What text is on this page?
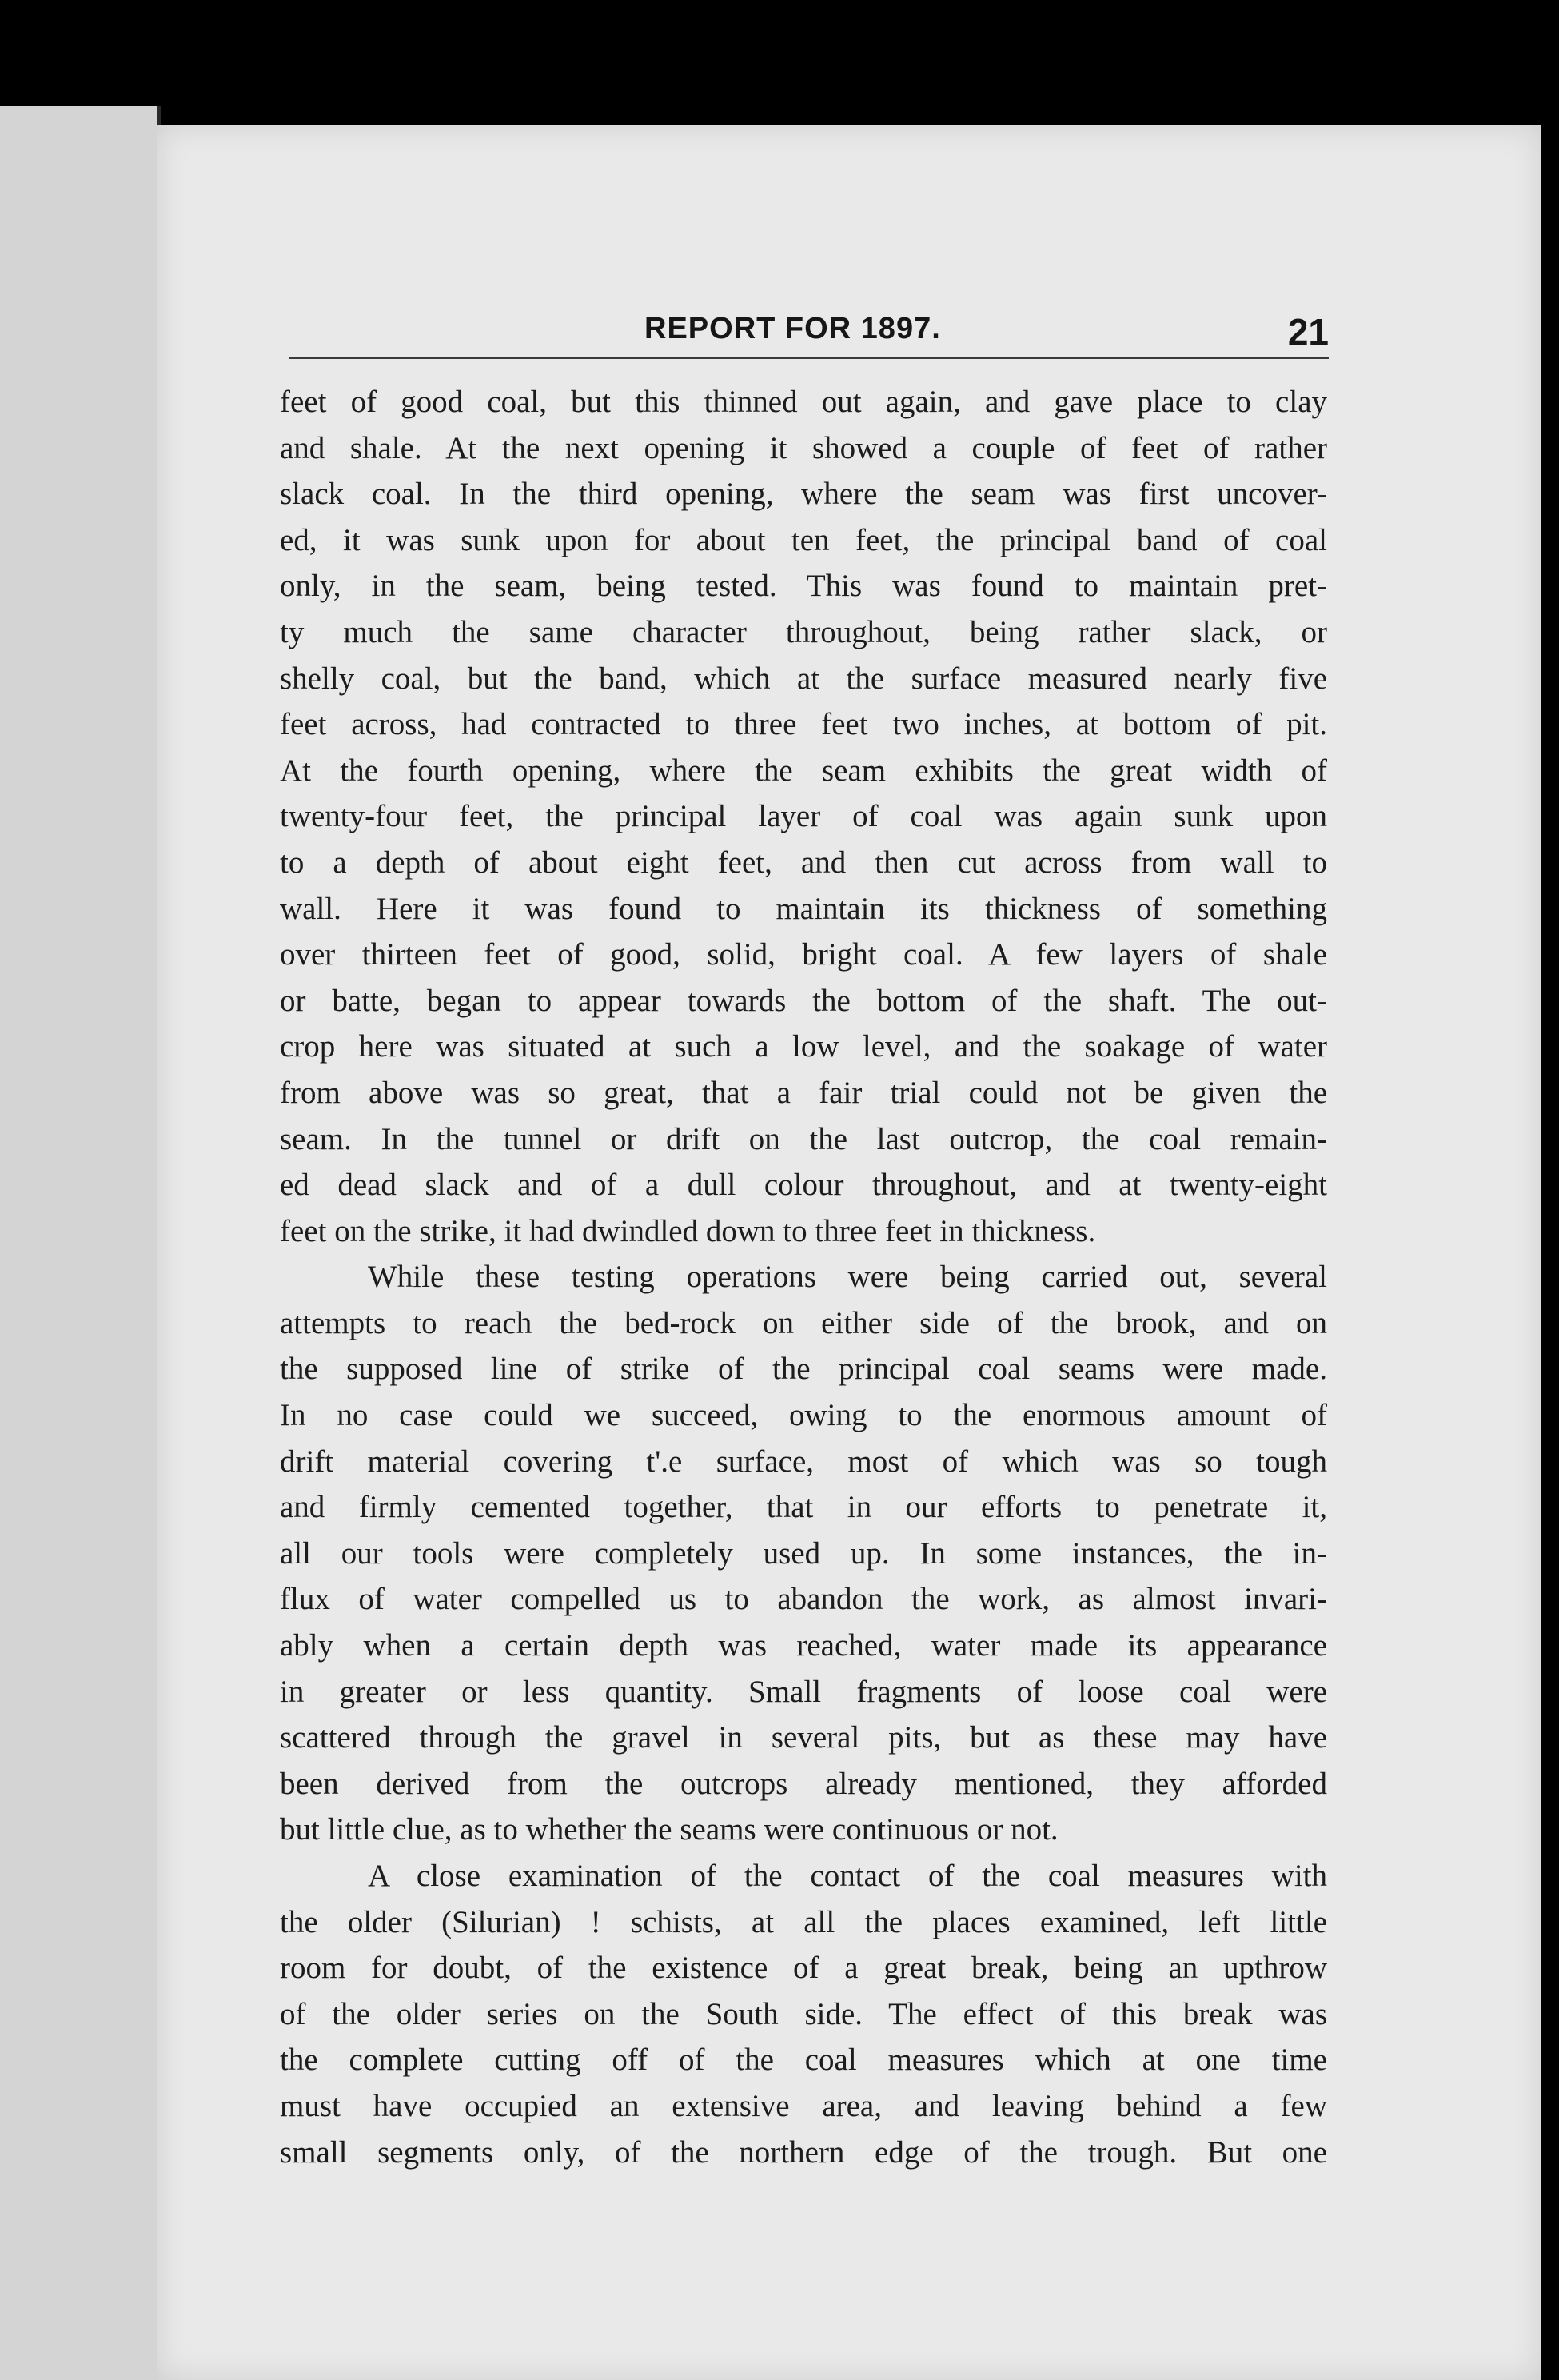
REPORT FOR 1897.	21

feet of good coal, but this thinned out again, and gave place to clay
and shale. At the next opening it showed a couple of feet of rather
slack coal. In the third opening, where the seam was first uncover-
ed, it was sunk upon for about ten feet, the principal band of coal
only, in the seam, being tested. This was found to maintain pret-
ty much the same character throughout, being rather slack, or
shelly coal, but the band, which at the surface measured nearly five
feet across, had contracted to three feet two inches, at bottom of pit.
At the fourth opening, where the seam exhibits the great width of
twenty-four feet, the principal layer of coal was again sunk upon
to a depth of about eight feet, and then cut across from wall to
wall. Here it was found to maintain its thickness of something
over thirteen feet of good, solid, bright coal. A few layers of shale
or batte, began to appear towards the bottom of the shaft. The out-
crop here was situated at such a low level, and the soakage of water
from above was so great, that a fair trial could not be given the
seam. In the tunnel or drift on the last outcrop, the coal remain-
ed dead slack and of a dull colour throughout, and at twenty-eight
feet on the strike, it had dwindled down to three feet in thickness.

While these testing operations were being carried out, several
attempts to reach the bed-rock on either side of the brook, and on
the supposed line of strike of the principal coal seams were made.
In no case could we succeed, owing to the enormous amount of
drift material covering t'.e surface, most of which was so tough
and firmly cemented together, that in our efforts to penetrate it,
all our tools were completely used up. In some instances, the in-
flux of water compelled us to abandon the work, as almost invari-
ably when a certain depth was reached, water made its appearance
in greater or less quantity. Small fragments of loose coal were
scattered through the gravel in several pits, but as these may have
been derived from the outcrops already mentioned, they afforded
but little clue, as to whether the seams were continuous or not.

A close examination of the contact of the coal measures with
the older (Silurian) ! schists, at all the places examined, left little
room for doubt, of the existence of a great break, being an upthrow
of the older series on the South side. The effect of this break was
the complete cutting off of the coal measures which at one time
must have occupied an extensive area, and leaving behind a few
small segments only, of the northern edge of the trough. But one
